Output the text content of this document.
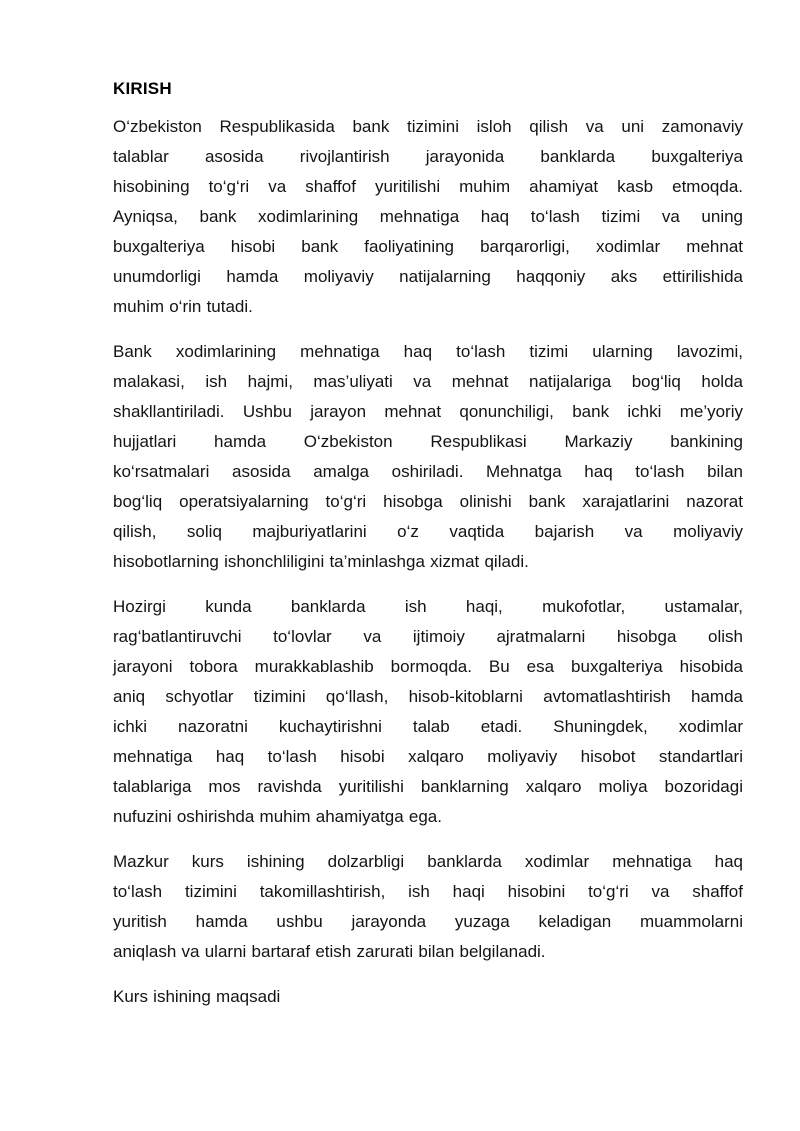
KIRISH

O‘zbekiston Respublikasida bank tizimini isloh qilish va uni zamonaviy
talablar asosida rivojlantirish jarayonida banklarda buxgalteriya
hisobining to‘g‘ri va shaffof yuritilishi muhim ahamiyat kasb etmoqda.
Ayniqsa, bank xodimlarining mehnatiga haq to‘lash tizimi va uning
buxgalteriya hisobi bank faoliyatining barqarorligi, xodimlar mehnat
unumdorligi hamda moliyaviy natijalarning haqqoniy aks ettirilishida
muhim o‘rin tutadi.

Bank xodimlarining mehnatiga haq to‘lash tizimi ularning lavozimi,
malakasi, ish hajmi, mas’uliyati va mehnat natijalariga bog‘liq holda
shakllantiriladi. Ushbu jarayon mehnat qonunchiligi, bank ichki me’yoriy
hujjatlari hamda O‘zbekiston Respublikasi Markaziy bankining
ko‘rsatmalari asosida amalga oshiriladi. Mehnatga haq to‘lash bilan
bog‘liq operatsiyalarning to‘g‘ri hisobga olinishi bank xarajatlarini nazorat
qilish, soliq majburiyatlarini o‘z vaqtida bajarish va moliyaviy
hisobotlarning ishonchliligini ta’minlashga xizmat qiladi.

Hozirgi kunda banklarda ish haqi, mukofotlar, ustamalar,
rag‘batlantiruvchi to‘lovlar va ijtimoiy ajratmalarni hisobga olish
jarayoni tobora murakkablashib bormoqda. Bu esa buxgalteriya hisobida
aniq schyotlar tizimini qo‘llash, hisob-kitoblarni avtomatlashtirish hamda
ichki nazoratni kuchaytirishni talab etadi. Shuningdek, xodimlar
mehnatiga haq to‘lash hisobi xalqaro moliyaviy hisobot standartlari
talablariga mos ravishda yuritilishi banklarning xalqaro moliya bozoridagi
nufuzini oshirishda muhim ahamiyatga ega.

Mazkur kurs ishining dolzarbligi banklarda xodimlar mehnatiga haq
to‘lash tizimini takomillashtirish, ish haqi hisobini to‘g‘ri va shaffof
yuritish hamda ushbu jarayonda yuzaga keladigan muammolarni
aniqlash va ularni bartaraf etish zarurati bilan belgilanadi.

Kurs ishining maqsadi
